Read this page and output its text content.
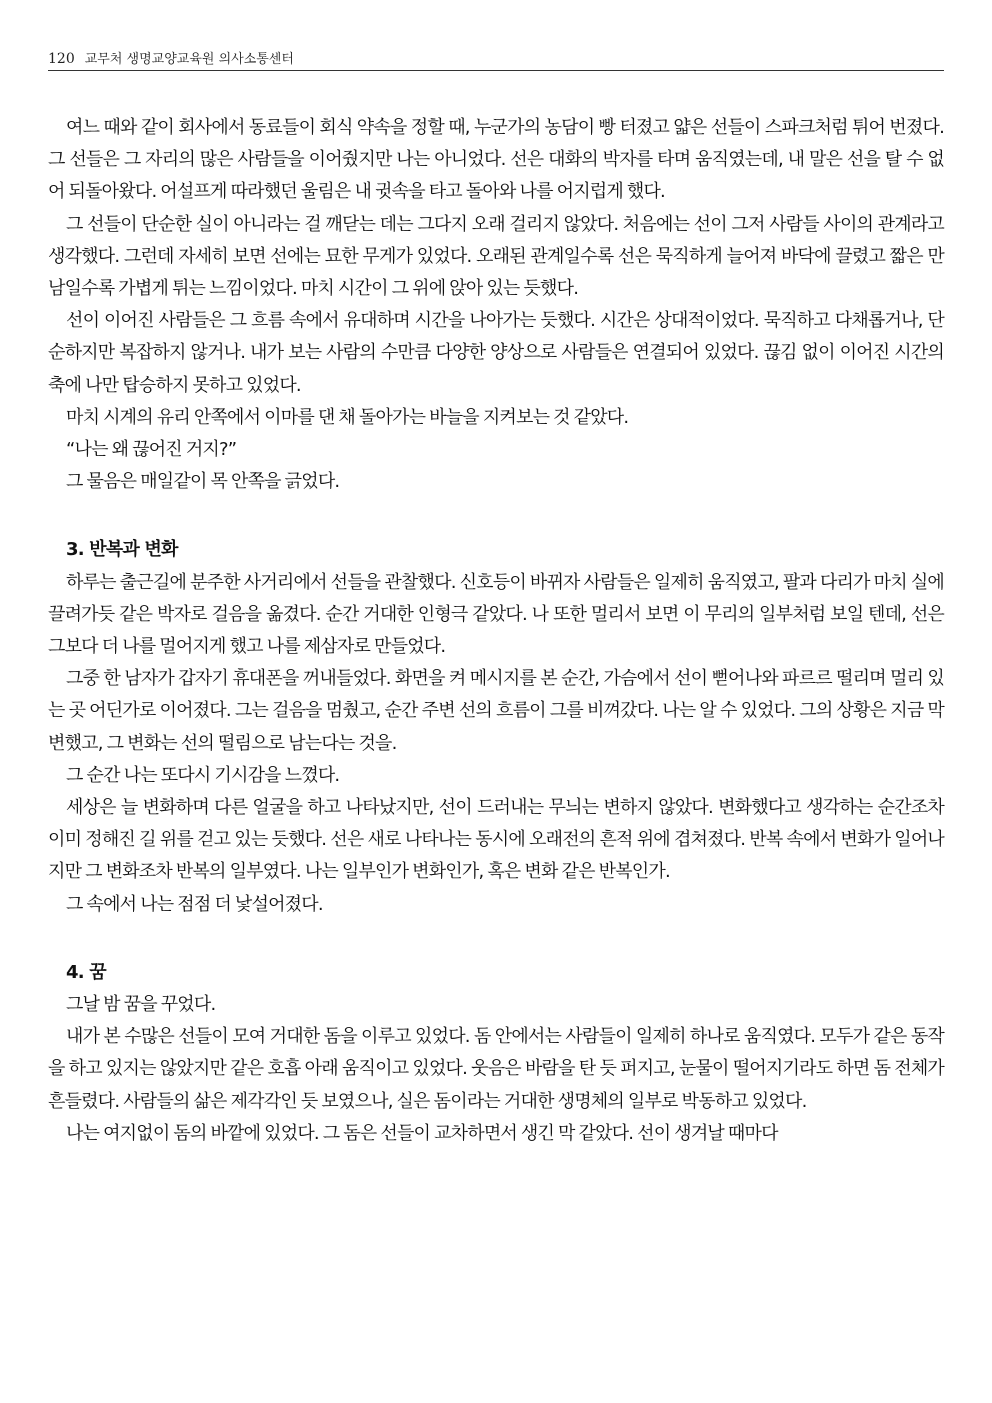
120 교무처 생명교양교육원 의사소통센터

여느 때와 같이 회사에서 동료들이 회식 약속을 정할 때, 누군가의 농담이 빵 터졌고 얇은 선들이 스파크처럼 튀어 번졌다. 그 선들은 그 자리의 많은 사람들을 이어줬지만 나는 아니었다. 선은 대화의 박자를 타며 움직였는데, 내 말은 선을 탈 수 없어 되돌아왔다. 어설프게 따라했던 울림은 내 귓속을 타고 돌아와 나를 어지럽게 했다.

그 선들이 단순한 실이 아니라는 걸 깨닫는 데는 그다지 오래 걸리지 않았다. 처음에는 선이 그저 사람들 사이의 관계라고 생각했다. 그런데 자세히 보면 선에는 묘한 무게가 있었다. 오래된 관계일수록 선은 묵직하게 늘어져 바닥에 끌렸고 짧은 만남일수록 가볍게 튀는 느낌이었다. 마치 시간이 그 위에 앉아 있는 듯했다.

선이 이어진 사람들은 그 흐름 속에서 유대하며 시간을 나아가는 듯했다. 시간은 상대적이었다. 묵직하고 다채롭거나, 단순하지만 복잡하지 않거나. 내가 보는 사람의 수만큼 다양한 양상으로 사람들은 연결되어 있었다. 끊김 없이 이어진 시간의 축에 나만 탑승하지 못하고 있었다.

마치 시계의 유리 안쪽에서 이마를 댄 채 돌아가는 바늘을 지켜보는 것 같았다.

“나는 왜 끊어진 거지?”

그 물음은 매일같이 목 안쪽을 긁었다.

3. 반복과 변화

하루는 출근길에 분주한 사거리에서 선들을 관찰했다. 신호등이 바뀌자 사람들은 일제히 움직였고, 팔과 다리가 마치 실에 끌려가듯 같은 박자로 걸음을 옮겼다. 순간 거대한 인형극 같았다. 나 또한 멀리서 보면 이 무리의 일부처럼 보일 텐데, 선은 그보다 더 나를 멀어지게 했고 나를 제삼자로 만들었다.

그중 한 남자가 갑자기 휴대폰을 꺼내들었다. 화면을 켜 메시지를 본 순간, 가슴에서 선이 뻗어나와 파르르 떨리며 멀리 있는 곳 어딘가로 이어졌다. 그는 걸음을 멈췄고, 순간 주변 선의 흐름이 그를 비껴갔다. 나는 알 수 있었다. 그의 상황은 지금 막 변했고, 그 변화는 선의 떨림으로 남는다는 것을.

그 순간 나는 또다시 기시감을 느꼈다.

세상은 늘 변화하며 다른 얼굴을 하고 나타났지만, 선이 드러내는 무늬는 변하지 않았다. 변화했다고 생각하는 순간조차 이미 정해진 길 위를 걷고 있는 듯했다. 선은 새로 나타나는 동시에 오래전의 흔적 위에 겹쳐졌다. 반복 속에서 변화가 일어나지만 그 변화조차 반복의 일부였다. 나는 일부인가 변화인가, 혹은 변화 같은 반복인가.

그 속에서 나는 점점 더 낯설어졌다.

4. 꿈

그날 밤 꿈을 꾸었다.

내가 본 수많은 선들이 모여 거대한 돔을 이루고 있었다. 돔 안에서는 사람들이 일제히 하나로 움직였다. 모두가 같은 동작을 하고 있지는 않았지만 같은 호흡 아래 움직이고 있었다. 웃음은 바람을 탄 듯 퍼지고, 눈물이 떨어지기라도 하면 돔 전체가 흔들렸다. 사람들의 삶은 제각각인 듯 보였으나, 실은 돔이라는 거대한 생명체의 일부로 박동하고 있었다.

나는 여지없이 돔의 바깥에 있었다. 그 돔은 선들이 교차하면서 생긴 막 같았다. 선이 생겨날 때마다
